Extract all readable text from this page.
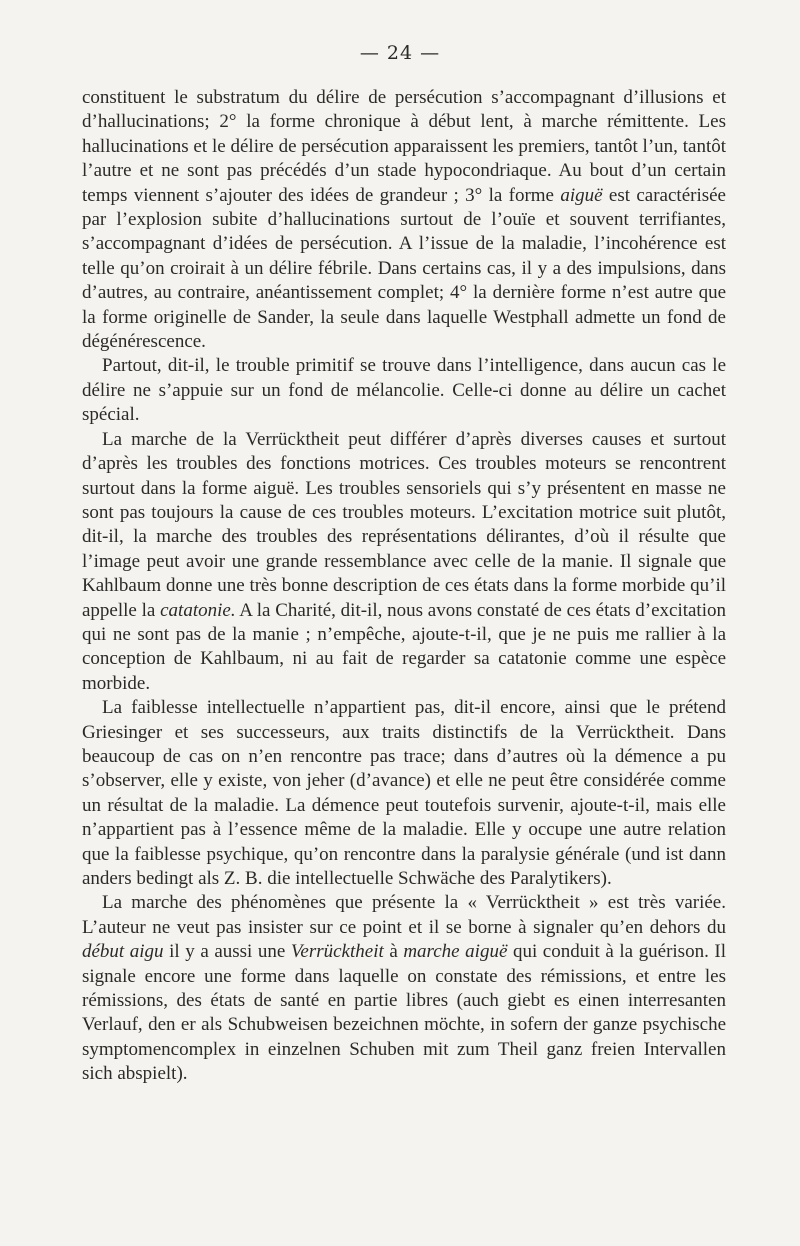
— 24 —

constituent le substratum du délire de persécution s’accompagnant d’illusions et d’hallucinations; 2° la forme chronique à début lent, à marche rémittente. Les hallucinations et le délire de persécution apparaissent les premiers, tantôt l’un, tantôt l’autre et ne sont pas précédés d’un stade hypocondriaque. Au bout d’un certain temps viennent s’ajouter des idées de grandeur ; 3° la forme aiguë est caractérisée par l’explosion subite d’hallucinations surtout de l’ouïe et souvent terrifiantes, s’accompagnant d’idées de persécution. A l’issue de la maladie, l’incohérence est telle qu’on croirait à un délire fébrile. Dans certains cas, il y a des impulsions, dans d’autres, au contraire, anéantissement complet; 4° la dernière forme n’est autre que la forme originelle de Sander, la seule dans laquelle Westphall admette un fond de dégénérescence.

Partout, dit-il, le trouble primitif se trouve dans l’intelligence, dans aucun cas le délire ne s’appuie sur un fond de mélancolie. Celle-ci donne au délire un cachet spécial.

La marche de la Verrücktheit peut différer d’après diverses causes et surtout d’après les troubles des fonctions motrices. Ces troubles moteurs se rencontrent surtout dans la forme aiguë. Les troubles sensoriels qui s’y présentent en masse ne sont pas toujours la cause de ces troubles moteurs. L’excitation motrice suit plutôt, dit-il, la marche des troubles des représentations délirantes, d’où il résulte que l’image peut avoir une grande ressemblance avec celle de la manie. Il signale que Kahlbaum donne une très bonne description de ces états dans la forme morbide qu’il appelle la catatonie. A la Charité, dit-il, nous avons constaté de ces états d’excitation qui ne sont pas de la manie ; n’empêche, ajoute-t-il, que je ne puis me rallier à la conception de Kahlbaum, ni au fait de regarder sa catatonie comme une espèce morbide.

La faiblesse intellectuelle n’appartient pas, dit-il encore, ainsi que le prétend Griesinger et ses successeurs, aux traits distinctifs de la Verrücktheit. Dans beaucoup de cas on n’en rencontre pas trace; dans d’autres où la démence a pu s’observer, elle y existe, von jeher (d’avance) et elle ne peut être considérée comme un résultat de la maladie. La démence peut toutefois survenir, ajoute-t-il, mais elle n’appartient pas à l’essence même de la maladie. Elle y occupe une autre relation que la faiblesse psychique, qu’on rencontre dans la paralysie générale (und ist dann anders bedingt als Z. B. die intellectuelle Schwäche des Paralytikers).

La marche des phénomènes que présente la « Verrücktheit » est très variée. L’auteur ne veut pas insister sur ce point et il se borne à signaler qu’en dehors du début aigu il y a aussi une Verrücktheit à marche aiguë qui conduit à la guérison. Il signale encore une forme dans laquelle on constate des rémissions, et entre les rémissions, des états de santé en partie libres (auch giebt es einen interresanten Verlauf, den er als Schubweisen bezeichnen möchte, in sofern der ganze psychische symptomencomplex in einzelnen Schuben mit zum Theil ganz freien Intervallen sich abspielt).
